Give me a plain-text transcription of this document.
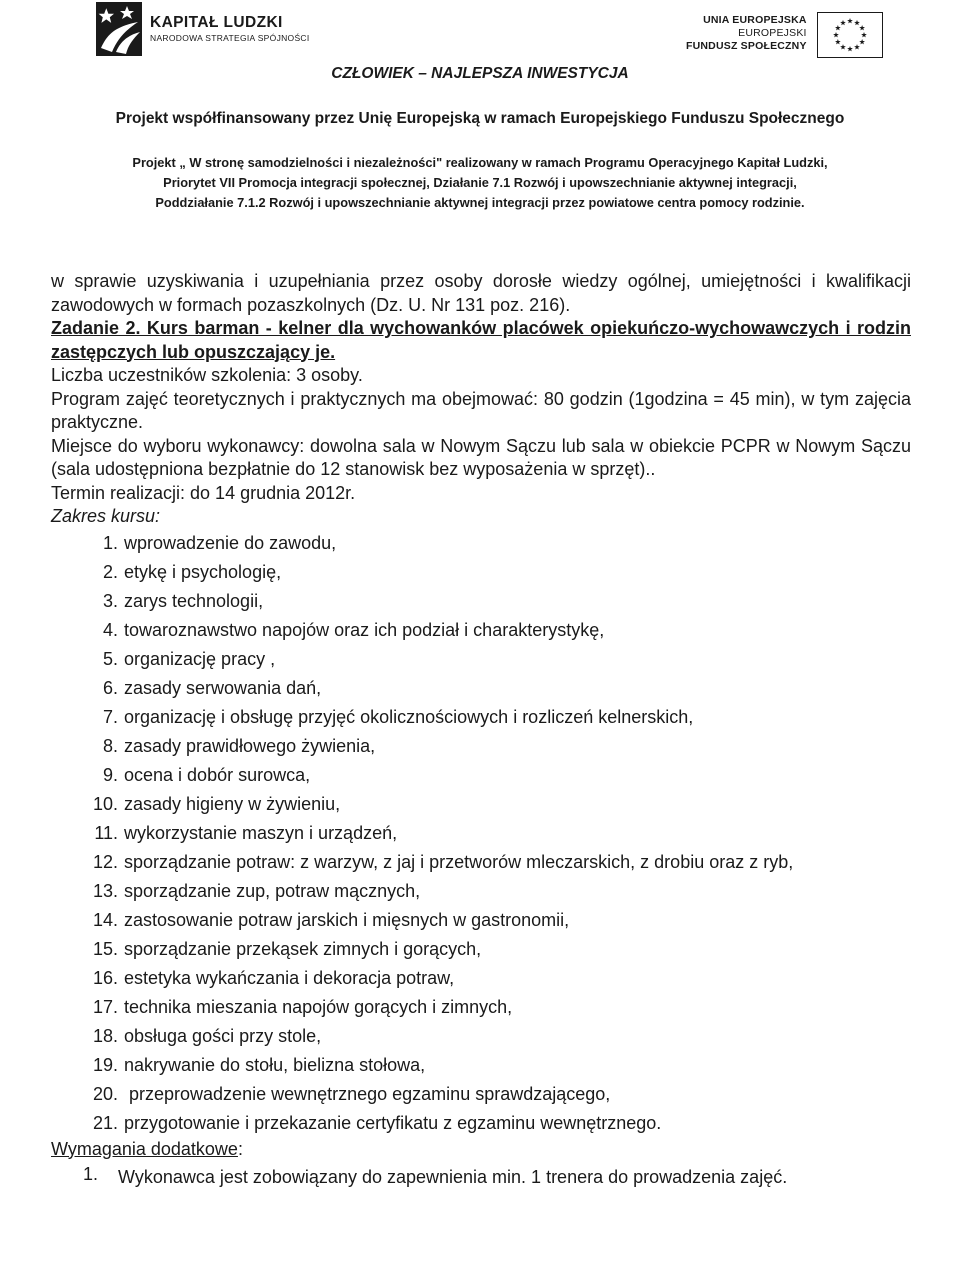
KAPITAŁ LUDZKI
NARODOWA STRATEGIA SPÓJNOŚCI
UNIA EUROPEJSKA
EUROPEJSKI
FUNDUSZ SPOŁECZNY
CZŁOWIEK – NAJLEPSZA INWESTYCJA
Projekt współfinansowany przez Unię Europejską w ramach Europejskiego Funduszu Społecznego
Projekt „ W stronę samodzielności i niezależności" realizowany w ramach Programu Operacyjnego Kapitał Ludzki,
Priorytet VII Promocja integracji społecznej, Działanie 7.1 Rozwój i upowszechnianie aktywnej integracji,
Poddziałanie 7.1.2 Rozwój i upowszechnianie aktywnej integracji przez powiatowe centra pomocy rodzinie.

w sprawie uzyskiwania i uzupełniania przez osoby dorosłe wiedzy ogólnej, umiejętności i kwalifikacji zawodowych w formach pozaszkolnych (Dz. U. Nr 131 poz. 216).

Zadanie 2. Kurs barman - kelner dla wychowanków placówek opiekuńczo-wychowawczych i rodzin zastępczych lub opuszczający je.

Liczba uczestników szkolenia: 3 osoby.

Program zajęć teoretycznych i praktycznych ma obejmować: 80 godzin (1godzina = 45 min), w tym zajęcia praktyczne.

Miejsce do wyboru wykonawcy: dowolna sala w Nowym Sączu lub sala w obiekcie PCPR w Nowym Sączu (sala udostępniona bezpłatnie do 12 stanowisk bez wyposażenia w sprzęt)..

Termin realizacji: do 14 grudnia 2012r.

Zakres kursu:

1. wprowadzenie do zawodu,
2. etykę i psychologię,
3. zarys technologii,
4. towaroznawstwo napojów oraz ich podział i charakterystykę,
5. organizację pracy ,
6. zasady serwowania dań,
7. organizację i obsługę przyjęć okolicznościowych i rozliczeń kelnerskich,
8. zasady prawidłowego żywienia,
9. ocena i dobór surowca,
10. zasady higieny w żywieniu,
11. wykorzystanie maszyn i urządzeń,
12. sporządzanie potraw: z warzyw, z jaj i przetworów mleczarskich, z drobiu oraz z ryb,
13. sporządzanie zup, potraw mącznych,
14. zastosowanie potraw jarskich i mięsnych w gastronomii,
15. sporządzanie przekąsek zimnych i gorących,
16. estetyka wykańczania i dekoracja potraw,
17. technika mieszania napojów gorących i zimnych,
18. obsługa gości przy stole,
19. nakrywanie do stołu, bielizna stołowa,
20. przeprowadzenie wewnętrznego egzaminu sprawdzającego,
21. przygotowanie i przekazanie certyfikatu z egzaminu wewnętrznego.

Wymagania dodatkowe:

1. Wykonawca jest zobowiązany do zapewnienia min. 1 trenera do prowadzenia zajęć.
